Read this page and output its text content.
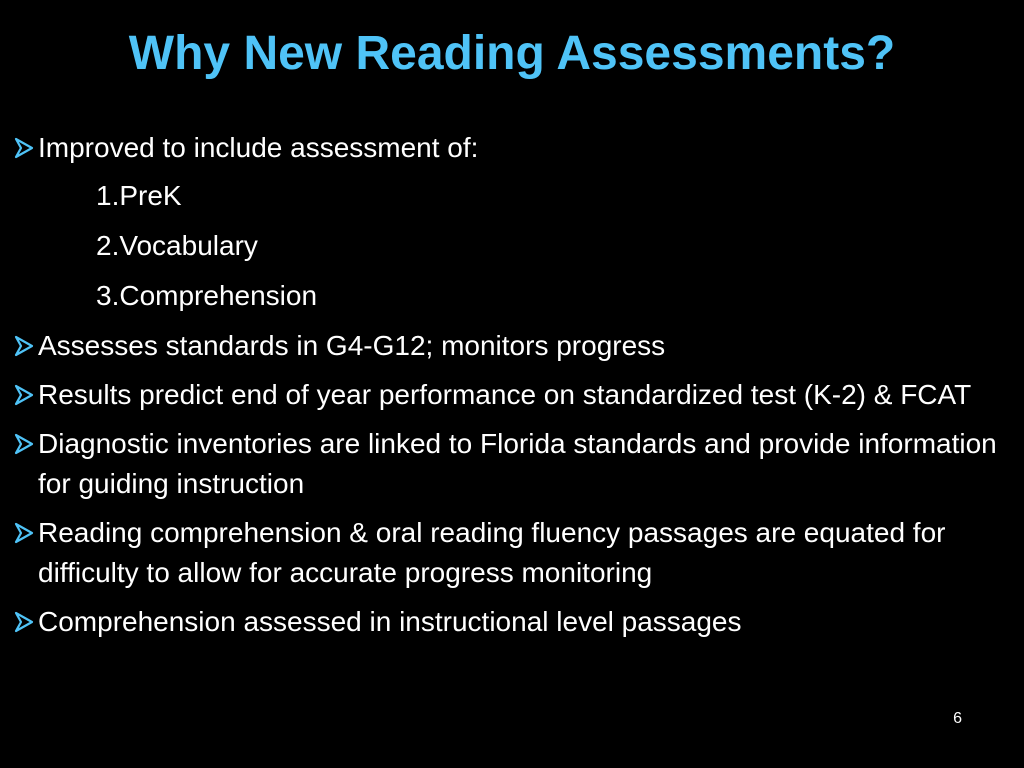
Why New Reading Assessments?
Improved to include assessment of:
1.PreK
2.Vocabulary
3.Comprehension
Assesses standards in G4-G12; monitors progress
Results predict end of year performance on standardized test (K-2) & FCAT
Diagnostic inventories are linked to Florida standards and provide information for guiding instruction
Reading comprehension & oral reading fluency passages are equated for difficulty to allow for accurate progress monitoring
Comprehension assessed in instructional level passages
6
